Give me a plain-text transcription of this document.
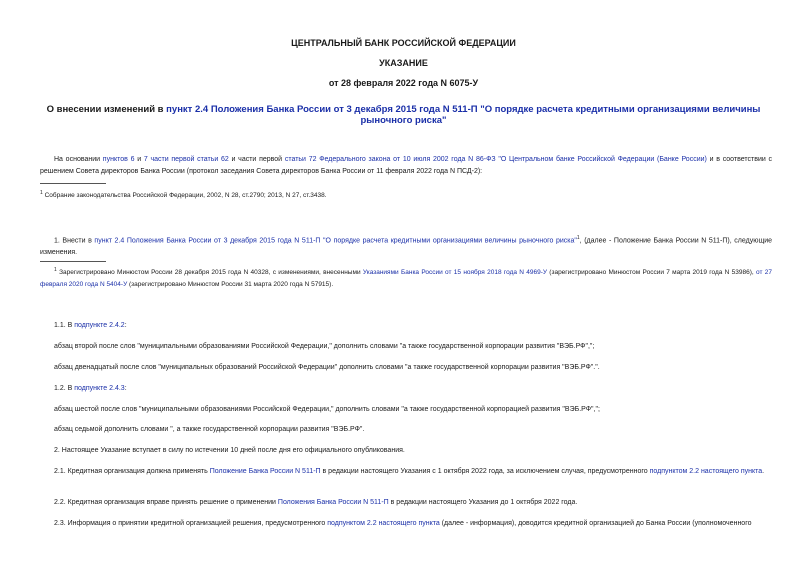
ЦЕНТРАЛЬНЫЙ БАНК РОССИЙСКОЙ ФЕДЕРАЦИИ
УКАЗАНИЕ
от 28 февраля 2022 года N 6075-У
О внесении изменений в пункт 2.4 Положения Банка России от 3 декабря 2015 года N 511-П "О порядке расчета кредитными организациями величины рыночного риска"
На основании пунктов 6 и 7 части первой статьи 62 и части первой статьи 72 Федерального закона от 10 июля 2002 года N 86-ФЗ "О Центральном банке Российской Федерации (Банке России) и в соответствии с решением Совета директоров Банка России (протокол заседания Совета директоров Банка России от 11 февраля 2022 года N ПСД-2):
$^1$ Собрание законодательства Российской Федерации, 2002, N 28, ст.2790; 2013, N 27, ст.3438.
1. Внести в пункт 2.4 Положения Банка России от 3 декабря 2015 года N 511-П "О порядке расчета кредитными организациями величины рыночного риска"$^1$, (далее - Положение Банка России N 511-П), следующие изменения.
$^1$ Зарегистрировано Минюстом России 28 декабря 2015 года N 40328, с изменениями, внесенными Указаниями Банка России от 15 ноября 2018 года N 4969-У (зарегистрировано Минюстом России 7 марта 2019 года N 53986), от 27 февраля 2020 года N 5404-У (зарегистрировано Минюстом России 31 марта 2020 года N 57915).
1.1. В подпункте 2.4.2:
абзац второй после слов "муниципальными образованиями Российской Федерации," дополнить словами "а также государственной корпорации развития "ВЭБ.РФ",";
абзац двенадцатый после слов "муниципальных образований Российской Федерации" дополнить словами "а также государственной корпорации развития "ВЭБ.РФ".".
1.2. В подпункте 2.4.3:
абзац шестой после слов "муниципальными образованиями Российской Федерации," дополнить словами "а также государственной корпорацией развития "ВЭБ.РФ",";
абзац седьмой дополнить словами ", а также государственной корпорации развития "ВЭБ.РФ".
2. Настоящее Указание вступает в силу по истечении 10 дней после дня его официального опубликования.
2.1. Кредитная организация должна применять Положение Банка России N 511-П в редакции настоящего Указания с 1 октября 2022 года, за исключением случая, предусмотренного подпунктом 2.2 настоящего пункта.
2.2. Кредитная организация вправе принять решение о применении Положения Банка России N 511-П в редакции настоящего Указания до 1 октября 2022 года.
2.3. Информация о принятии кредитной организацией решения, предусмотренного подпунктом 2.2 настоящего пункта (далее - информация), доводится кредитной организацией до Банка России (уполномоченного
